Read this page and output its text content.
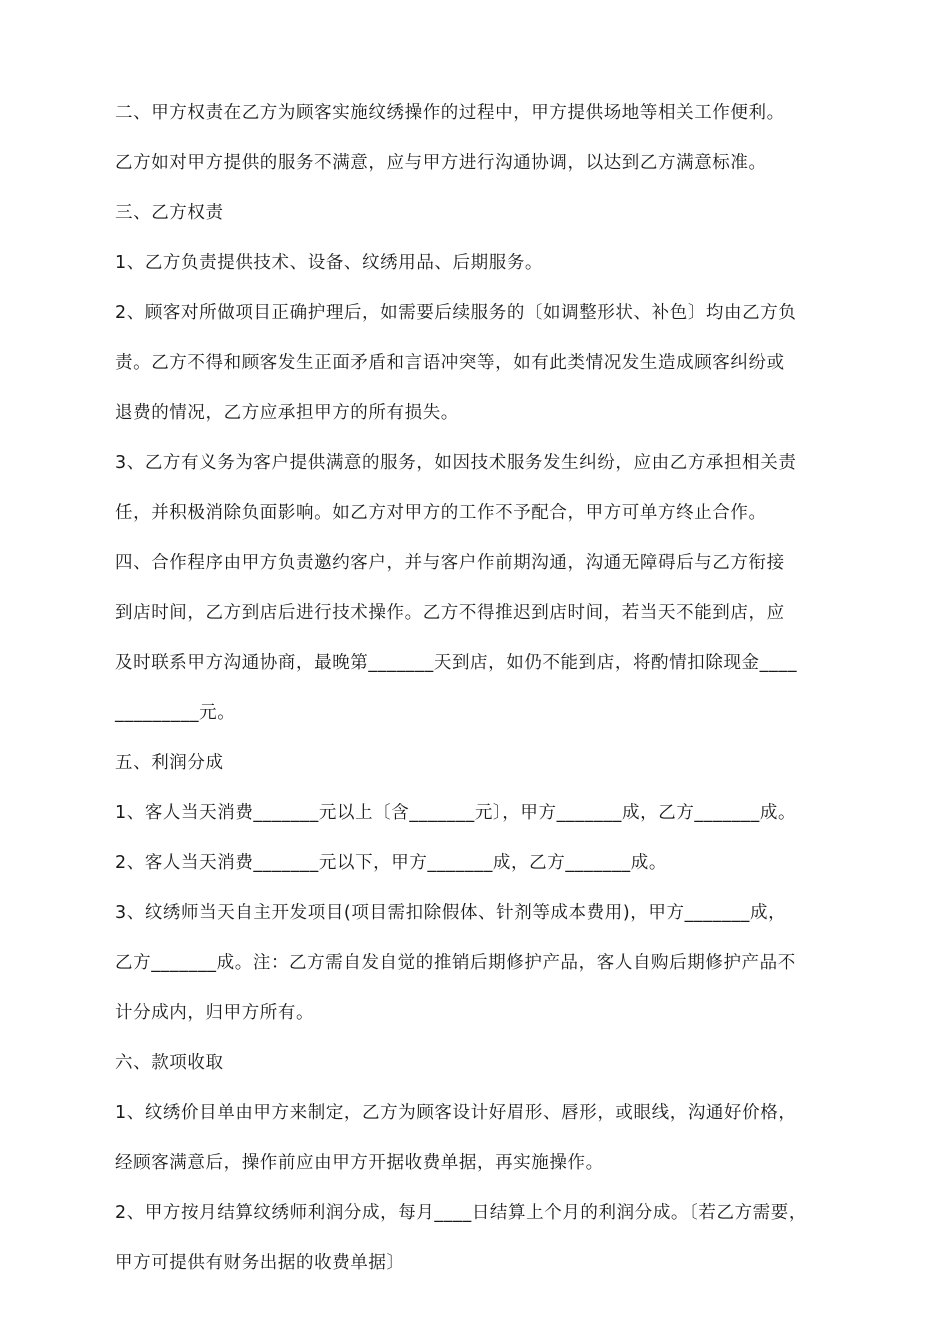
二、甲方权责在乙方为顾客实施纹绣操作的过程中，甲方提供场地等相关工作便利。
乙方如对甲方提供的服务不满意，应与甲方进行沟通协调，以达到乙方满意标准。
三、乙方权责
1、乙方负责提供技术、设备、纹绣用品、后期服务。
2、顾客对所做项目正确护理后，如需要后续服务的〔如调整形状、补色〕均由乙方负
责。乙方不得和顾客发生正面矛盾和言语冲突等，如有此类情况发生造成顾客纠纷或
退费的情况，乙方应承担甲方的所有损失。
3、乙方有义务为客户提供满意的服务，如因技术服务发生纠纷，应由乙方承担相关责
任，并积极消除负面影响。如乙方对甲方的工作不予配合，甲方可单方终止合作。
四、合作程序由甲方负责邀约客户，并与客户作前期沟通，沟通无障碍后与乙方衔接
到店时间，乙方到店后进行技术操作。乙方不得推迟到店时间，若当天不能到店，应
及时联系甲方沟通协商，最晚第_______天到店，如仍不能到店，将酌情扣除现金____
_________元。
五、利润分成
1、客人当天消费_______元以上〔含_______元〕，甲方_______成，乙方_______成。
2、客人当天消费_______元以下，甲方_______成，乙方_______成。
3、纹绣师当天自主开发项目(项目需扣除假体、针剂等成本费用)，甲方_______成，
乙方_______成。注：乙方需自发自觉的推销后期修护产品，客人自购后期修护产品不
计分成内，归甲方所有。
六、款项收取
1、纹绣价目单由甲方来制定，乙方为顾客设计好眉形、唇形，或眼线，沟通好价格，
经顾客满意后，操作前应由甲方开据收费单据，再实施操作。
2、甲方按月结算纹绣师利润分成，每月____日结算上个月的利润分成。〔若乙方需要，
甲方可提供有财务出据的收费单据〕
